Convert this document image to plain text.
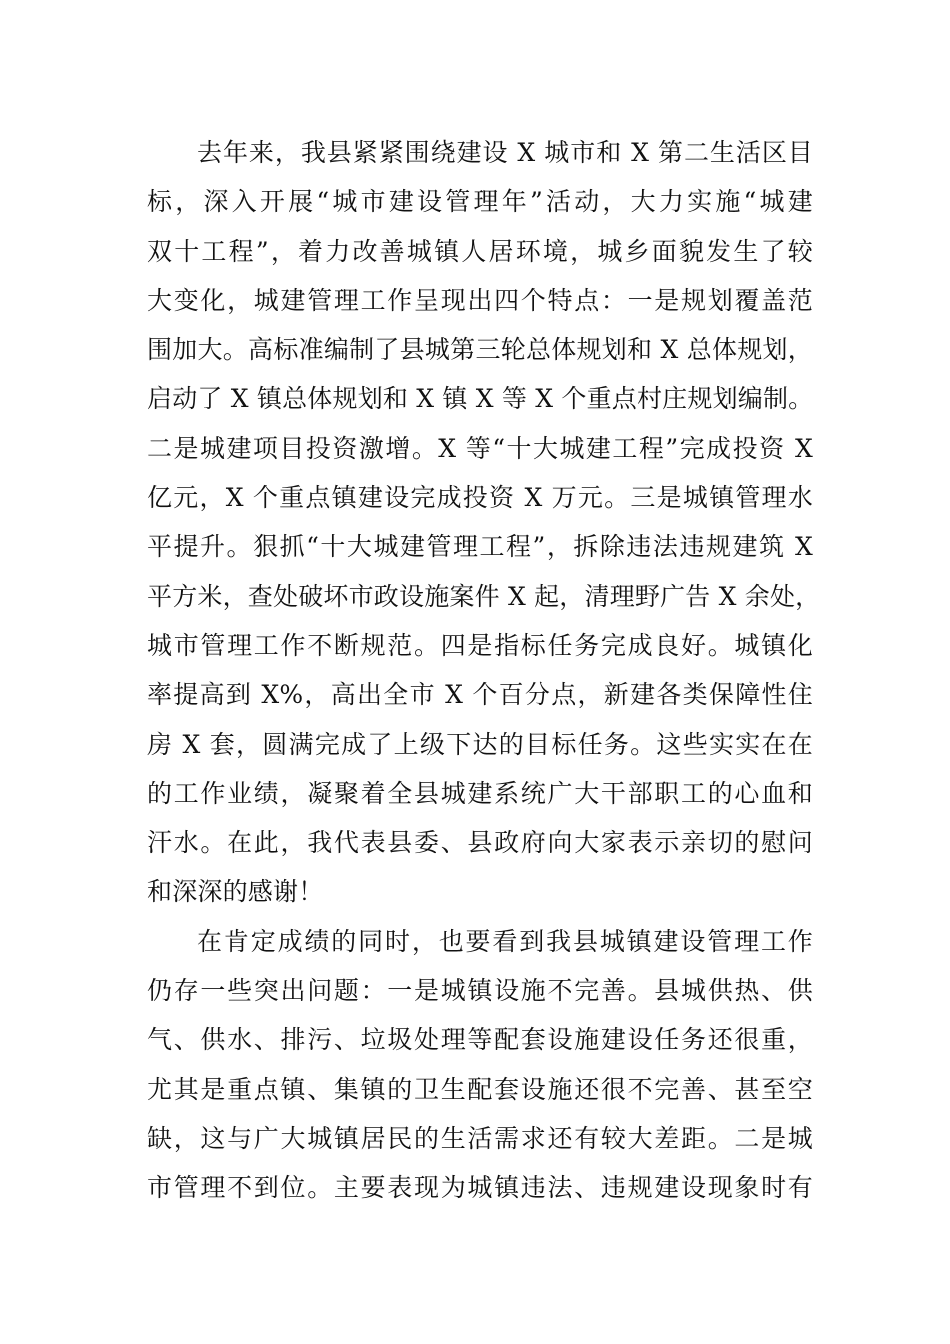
去年来，我县紧紧围绕建设 X 城市和 X 第二生活区目
标，深入开展“城市建设管理年”活动，大力实施“城建
双十工程”，着力改善城镇人居环境，城乡面貌发生了较
大变化，城建管理工作呈现出四个特点：一是规划覆盖范
围加大。高标准编制了县城第三轮总体规划和 X 总体规划，
启动了 X 镇总体规划和 X 镇 X 等 X 个重点村庄规划编制。
二是城建项目投资激增。X 等“十大城建工程”完成投资 X
亿元，X 个重点镇建设完成投资 X 万元。三是城镇管理水
平提升。狠抓“十大城建管理工程”，拆除违法违规建筑 X
平方米，查处破坏市政设施案件 X 起，清理野广告 X 余处，
城市管理工作不断规范。四是指标任务完成良好。城镇化
率提高到 X%，高出全市 X 个百分点，新建各类保障性住
房 X 套，圆满完成了上级下达的目标任务。这些实实在在
的工作业绩，凝聚着全县城建系统广大干部职工的心血和
汗水。在此，我代表县委、县政府向大家表示亲切的慰问
和深深的感谢！
在肯定成绩的同时，也要看到我县城镇建设管理工作
仍存一些突出问题：一是城镇设施不完善。县城供热、供
气、供水、排污、垃圾处理等配套设施建设任务还很重，
尤其是重点镇、集镇的卫生配套设施还很不完善、甚至空
缺，这与广大城镇居民的生活需求还有较大差距。二是城
市管理不到位。主要表现为城镇违法、违规建设现象时有
